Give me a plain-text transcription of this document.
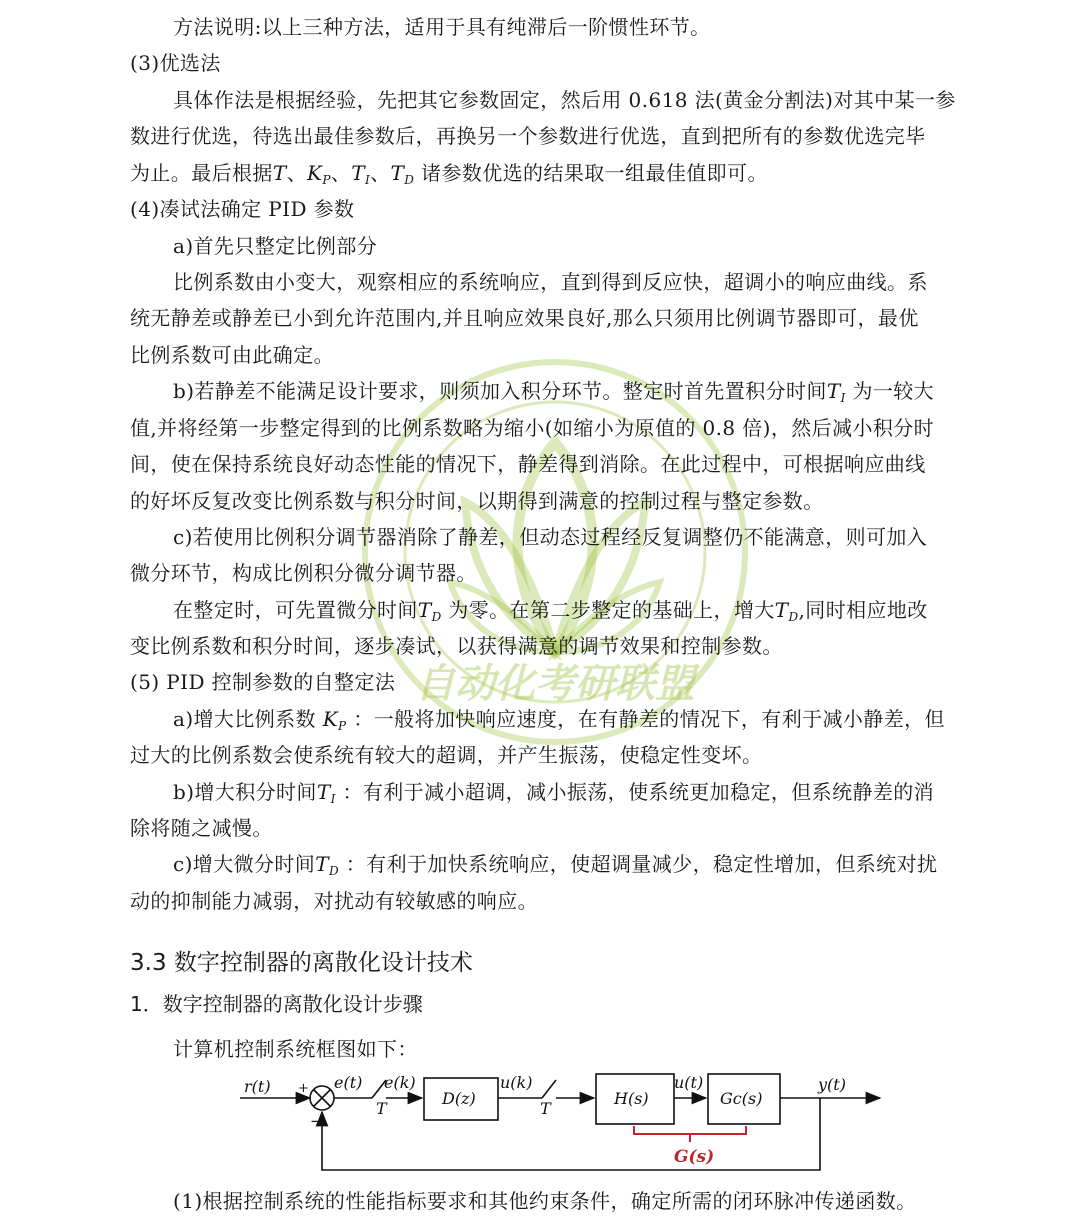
自动化考研联盟
方法说明:以上三种方法，适用于具有纯滞后一阶惯性环节。
(3)优选法
具体作法是根据经验，先把其它参数固定，然后用 0.618 法(黄金分割法)对其中某一参
数进行优选，待选出最佳参数后，再换另一个参数进行优选，直到把所有的参数优选完毕
为止。最后根据T、$K_P$、$T_I$、$T_D$ 诸参数优选的结果取一组最佳值即可。
(4)凑试法确定 PID 参数
a)首先只整定比例部分
比例系数由小变大，观察相应的系统响应，直到得到反应快，超调小的响应曲线。系
统无静差或静差已小到允许范围内,并且响应效果良好,那么只须用比例调节器即可，最优
比例系数可由此确定。
b)若静差不能满足设计要求，则须加入积分环节。整定时首先置积分时间$T_I$ 为一较大
值,并将经第一步整定得到的比例系数略为缩小(如缩小为原值的 0.8 倍)，然后减小积分时
间，使在保持系统良好动态性能的情况下，静差得到消除。在此过程中，可根据响应曲线
的好坏反复改变比例系数与积分时间，以期得到满意的控制过程与整定参数。
c)若使用比例积分调节器消除了静差，但动态过程经反复调整仍不能满意，则可加入
微分环节，构成比例积分微分调节器。
在整定时，可先置微分时间$T_D$ 为零。在第二步整定的基础上，增大$T_D$,同时相应地改
变比例系数和积分时间，逐步凑试，以获得满意的调节效果和控制参数。
(5) PID 控制参数的自整定法
a)增大比例系数 $K_P$ ：一般将加快响应速度，在有静差的情况下，有利于减小静差，但
过大的比例系数会使系统有较大的超调，并产生振荡，使稳定性变坏。
b)增大积分时间$T_I$ ：有利于减小超调，减小振荡，使系统更加稳定，但系统静差的消
除将随之减慢。
c)增大微分时间$T_D$ ：有利于加快系统响应，使超调量减少，稳定性增加，但系统对扰
动的抑制能力减弱，对扰动有较敏感的响应。
3.3 数字控制器的离散化设计技术
1．数字控制器的离散化设计步骤
计算机控制系统框图如下：
r(t) +
−
e(t) e(k)
T
D(z)
u(k)
T
H(s)
u(t)
Gc(s)
y(t)
G(s)
(1)根据控制系统的性能指标要求和其他约束条件，确定所需的闭环脉冲传递函数。
